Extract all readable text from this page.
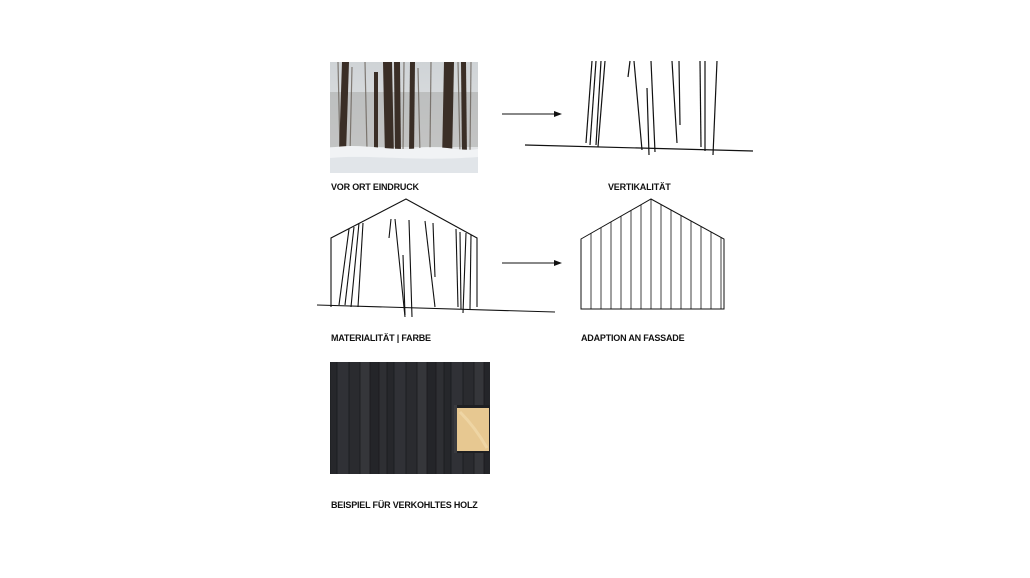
VOR ORT EINDRUCK	VERTIKALITÄT
MATERIALITÄT | FARBE	ADAPTION AN FASSADE
BEISPIEL FÜR VERKOHLTES HOLZ
